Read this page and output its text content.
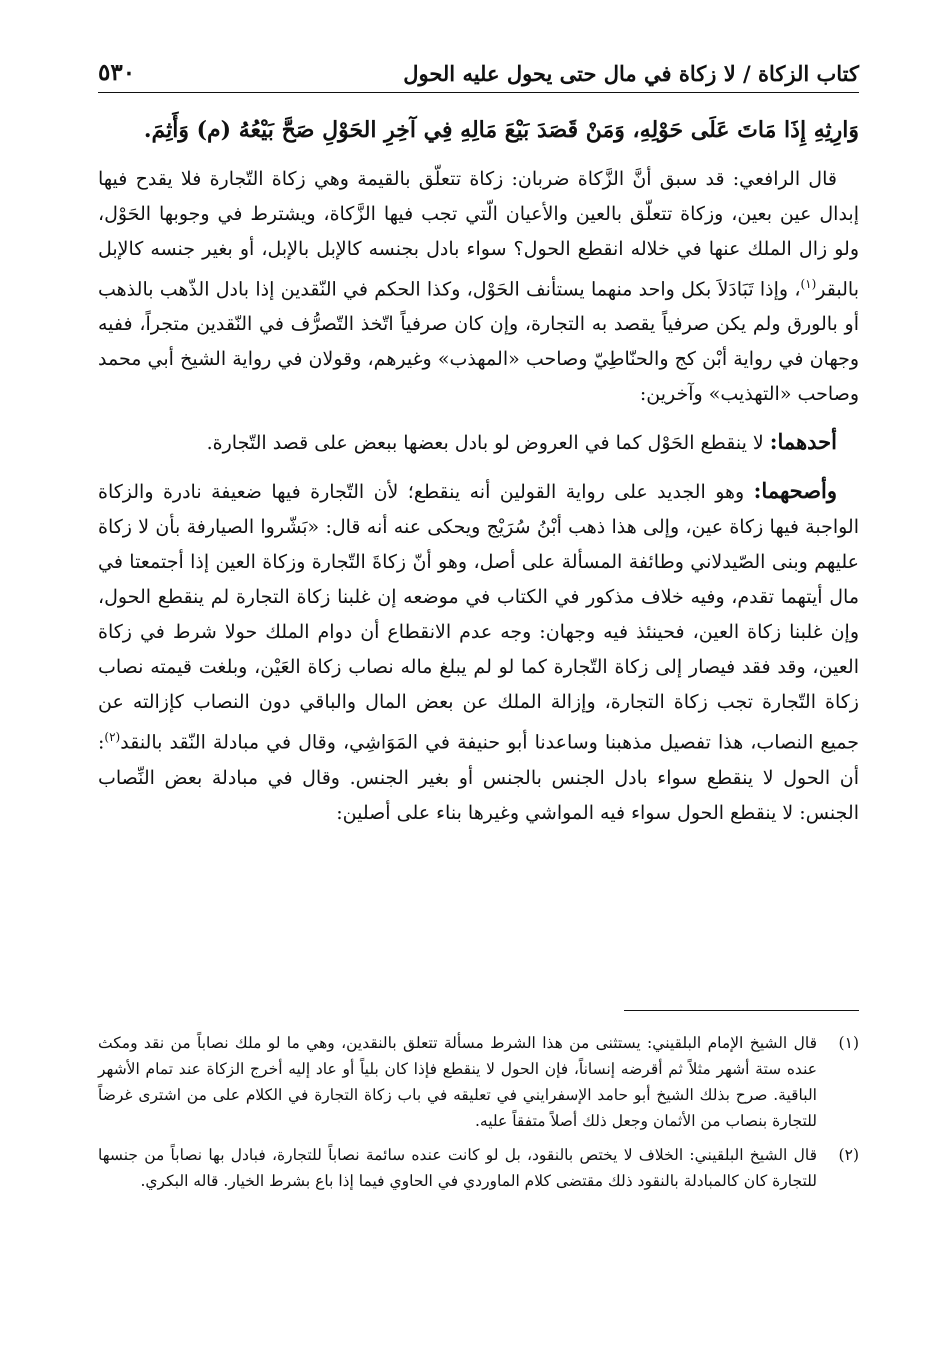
كتاب الزكاة / لا زكاة في مال حتى يحول عليه الحول
٥٣٠

وَارِثِهِ إِذَا مَاتَ عَلَى حَوْلِهِ، وَمَنْ قَصَدَ بَيْعَ مَالِهِ فِي آخِرِ الحَوْلِ صَحَّ بَيْعُهُ (م) وَأَثِمَ.

قال الرافعي: قد سبق أنَّ الزَّكاة ضربان: زكاة تتعلّق بالقيمة وهي زكاة التّجارة فلا يقدح فيها إبدال عين بعين، وزكاة تتعلّق بالعين والأعيان الّتي تجب فيها الزَّكاة، ويشترط في وجوبها الحَوْل، ولو زال الملك عنها في خلاله انقطع الحول؟ سواء بادل بجنسه كالإبل بالإبل، أو بغير جنسه كالإبل بالبقر$^{(١)}$، وإذا تَبَادَلاَ بكل واحد منهما يستأنف الحَوْل، وكذا الحكم في النّقدين إذا بادل الذّهب بالذهب أو بالورق ولم يكن صرفياً يقصد به التجارة، وإن كان صرفياً اتّخذ التّصرُّف في النّقدين متجراً، ففيه وجهان في رواية أبْن كج والحنّاطِيّ وصاحب «المهذب» وغيرهم، وقولان في رواية الشيخ أبي محمد وصاحب «التهذيب» وآخرين:

أحدهما: لا ينقطع الحَوْل كما في العروض لو بادل بعضها ببعض على قصد التّجارة.

وأصحهما: وهو الجديد على رواية القولين أنه ينقطع؛ لأن التّجارة فيها ضعيفة نادرة والزكاة الواجبة فيها زكاة عين، وإلى هذا ذهب أبْنُ سُرَيْج ويحكى عنه أنه قال: «بَشّروا الصيارفة بأن لا زكاة عليهم وبنى الصّيدلاني وطائفة المسألة على أصل، وهو أنّ زكاةَ التّجارة وزكاة العين إذا أجتمعتا في مال أيتهما تقدم، وفيه خلاف مذكور في الكتاب في موضعه إن غلبنا زكاة التجارة لم ينقطع الحول، وإن غلبنا زكاة العين، فحينئذ فيه وجهان: وجه عدم الانقطاع أن دوام الملك حولا شرط في زكاة العين، وقد فقد فيصار إلى زكاة التّجارة كما لو لم يبلغ ماله نصاب زكاة العَيْن، وبلغت قيمته نصاب زكاة التّجارة تجب زكاة التجارة، وإزالة الملك عن بعض المال والباقي دون النصاب كإزالته عن جميع النصاب، هذا تفصيل مذهبنا وساعدنا أبو حنيفة في المَوَاشِي، وقال في مبادلة النّقد بالنقد$^{(٢)}$: أن الحول لا ينقطع سواء بادل الجنس بالجنس أو بغير الجنس. وقال في مبادلة بعض النِّصاب الجنس: لا ينقطع الحول سواء فيه المواشي وغيرها بناء على أصلين:

(١)
قال الشيخ الإمام البلقيني: يستثنى من هذا الشرط مسألة تتعلق بالنقدين، وهي ما لو ملك نصاباً من نقد ومكث عنده ستة أشهر مثلاً ثم أقرضه إنساناً، فإن الحول لا ينقطع فإذا كان بلياً أو عاد إليه أخرج الزكاة عند تمام الأشهر الباقية. صرح بذلك الشيخ أبو حامد الإسفرايني في تعليقه في باب زكاة التجارة في الكلام على من اشترى غرضاً للتجارة بنصاب من الأثمان وجعل ذلك أصلاً متفقاً عليه.
(٢)
قال الشيخ البلقيني: الخلاف لا يختص بالنقود، بل لو كانت عنده سائمة نصاباً للتجارة، فبادل بها نصاباً من جنسها للتجارة كان كالمبادلة بالنقود ذلك مقتضى كلام الماوردي في الحاوي فيما إذا باع بشرط الخيار. قاله البكري.
